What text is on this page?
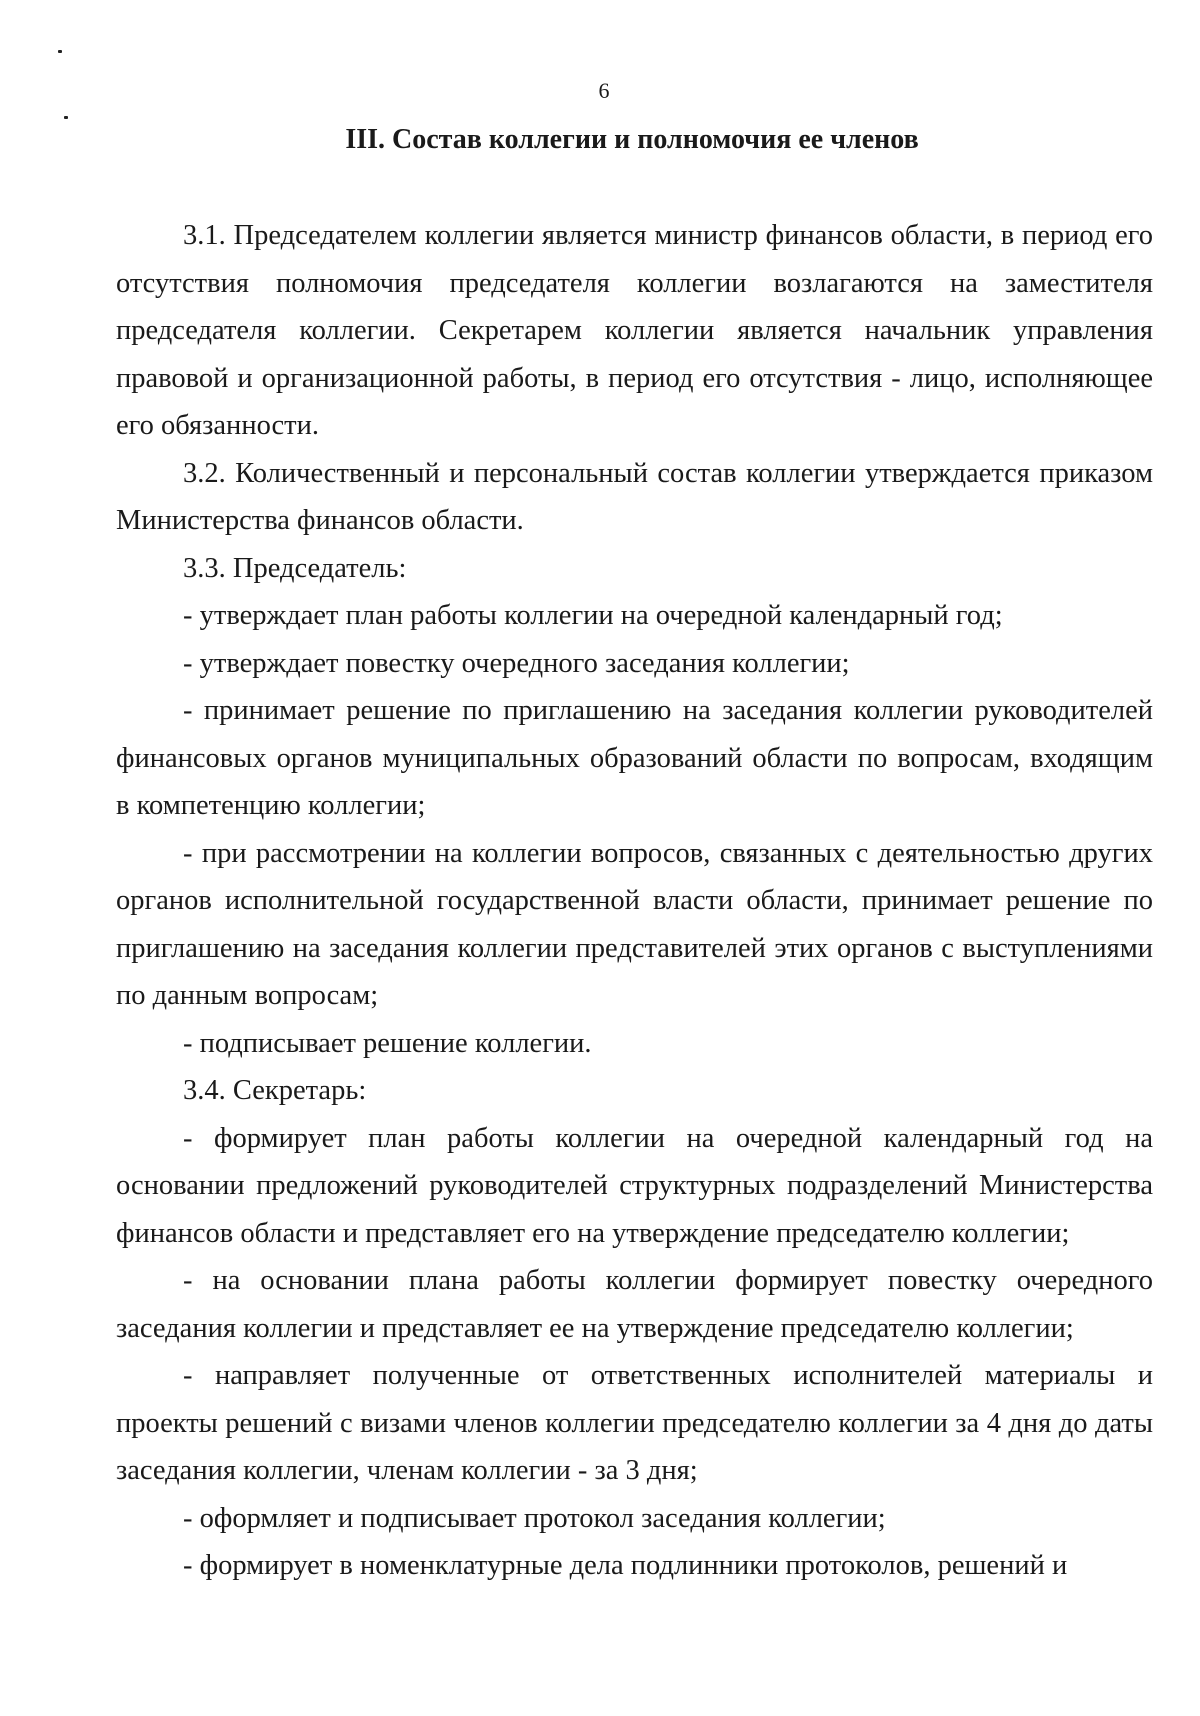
6
III. Состав коллегии и полномочия ее членов

3.1. Председателем коллегии является министр финансов области, в период его отсутствия полномочия председателя коллегии возлагаются на заместителя председателя коллегии. Секретарем коллегии является начальник управления правовой и организационной работы, в период его отсутствия - лицо, исполняющее его обязанности.

3.2. Количественный и персональный состав коллегии утверждается приказом Министерства финансов области.

3.3. Председатель:

- утверждает план работы коллегии на очередной календарный год;

- утверждает повестку очередного заседания коллегии;

- принимает решение по приглашению на заседания коллегии руководителей финансовых органов муниципальных образований области по вопросам, входящим в компетенцию коллегии;

- при рассмотрении на коллегии вопросов, связанных с деятельностью других органов исполнительной государственной власти области, принимает решение по приглашению на заседания коллегии представителей этих органов с выступлениями по данным вопросам;

- подписывает решение коллегии.

3.4. Секретарь:

- формирует план работы коллегии на очередной календарный год на основании предложений руководителей структурных подразделений Министерства финансов области и представляет его на утверждение председателю коллегии;

- на основании плана работы коллегии формирует повестку очередного заседания коллегии и представляет ее на утверждение председателю коллегии;

- направляет полученные от ответственных исполнителей материалы и проекты решений с визами членов коллегии председателю коллегии за 4 дня до даты заседания коллегии, членам коллегии - за 3 дня;

- оформляет и подписывает протокол заседания коллегии;

- формирует в номенклатурные дела подлинники протоколов, решений и
